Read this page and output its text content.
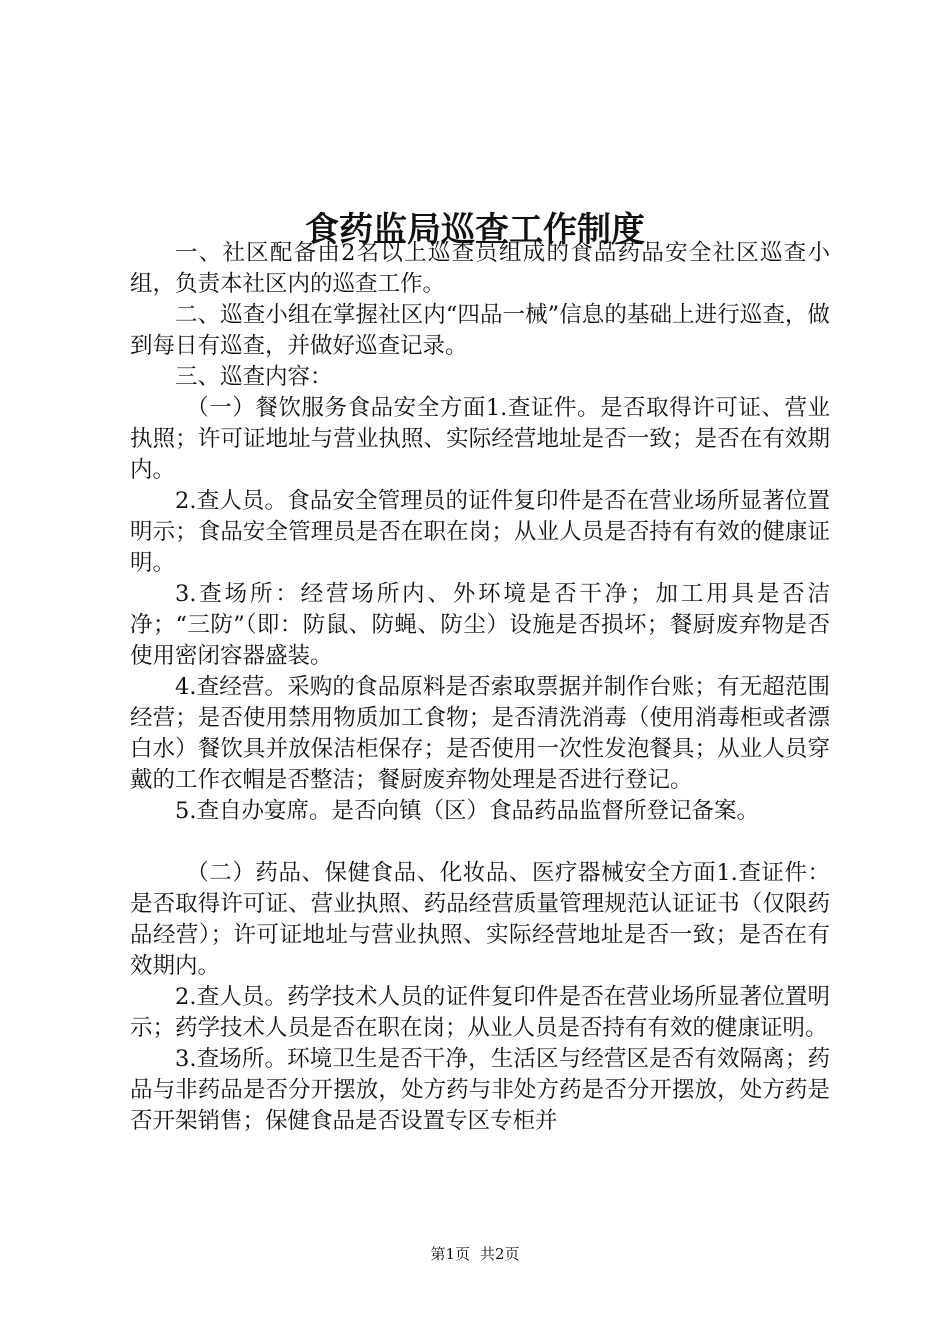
食药监局巡查工作制度

一、社区配备由2名以上巡查员组成的食品药品安全社区巡查小组，负责本社区内的巡查工作。

二、巡查小组在掌握社区内“四品一械”信息的基础上进行巡查，做到每日有巡查，并做好巡查记录。

三、巡查内容：

（一）餐饮服务食品安全方面1.查证件。是否取得许可证、营业执照；许可证地址与营业执照、实际经营地址是否一致；是否在有效期内。

2.查人员。食品安全管理员的证件复印件是否在营业场所显著位置明示；食品安全管理员是否在职在岗；从业人员是否持有有效的健康证明。

3.查场所：经营场所内、外环境是否干净；加工用具是否洁净；“三防”（即：防鼠、防蝇、防尘）设施是否损坏；餐厨废弃物是否使用密闭容器盛装。

4.查经营。采购的食品原料是否索取票据并制作台账；有无超范围经营；是否使用禁用物质加工食物；是否清洗消毒（使用消毒柜或者漂白水）餐饮具并放保洁柜保存；是否使用一次性发泡餐具；从业人员穿戴的工作衣帽是否整洁；餐厨废弃物处理是否进行登记。

5.查自办宴席。是否向镇（区）食品药品监督所登记备案。

（二）药品、保健食品、化妆品、医疗器械安全方面1.查证件：是否取得许可证、营业执照、药品经营质量管理规范认证证书（仅限药品经营）；许可证地址与营业执照、实际经营地址是否一致；是否在有效期内。

2.查人员。药学技术人员的证件复印件是否在营业场所显著位置明示；药学技术人员是否在职在岗；从业人员是否持有有效的健康证明。

3.查场所。环境卫生是否干净，生活区与经营区是否有效隔离；药品与非药品是否分开摆放，处方药与非处方药是否分开摆放，处方药是否开架销售；保健食品是否设置专区专柜并

第1页 共2页
